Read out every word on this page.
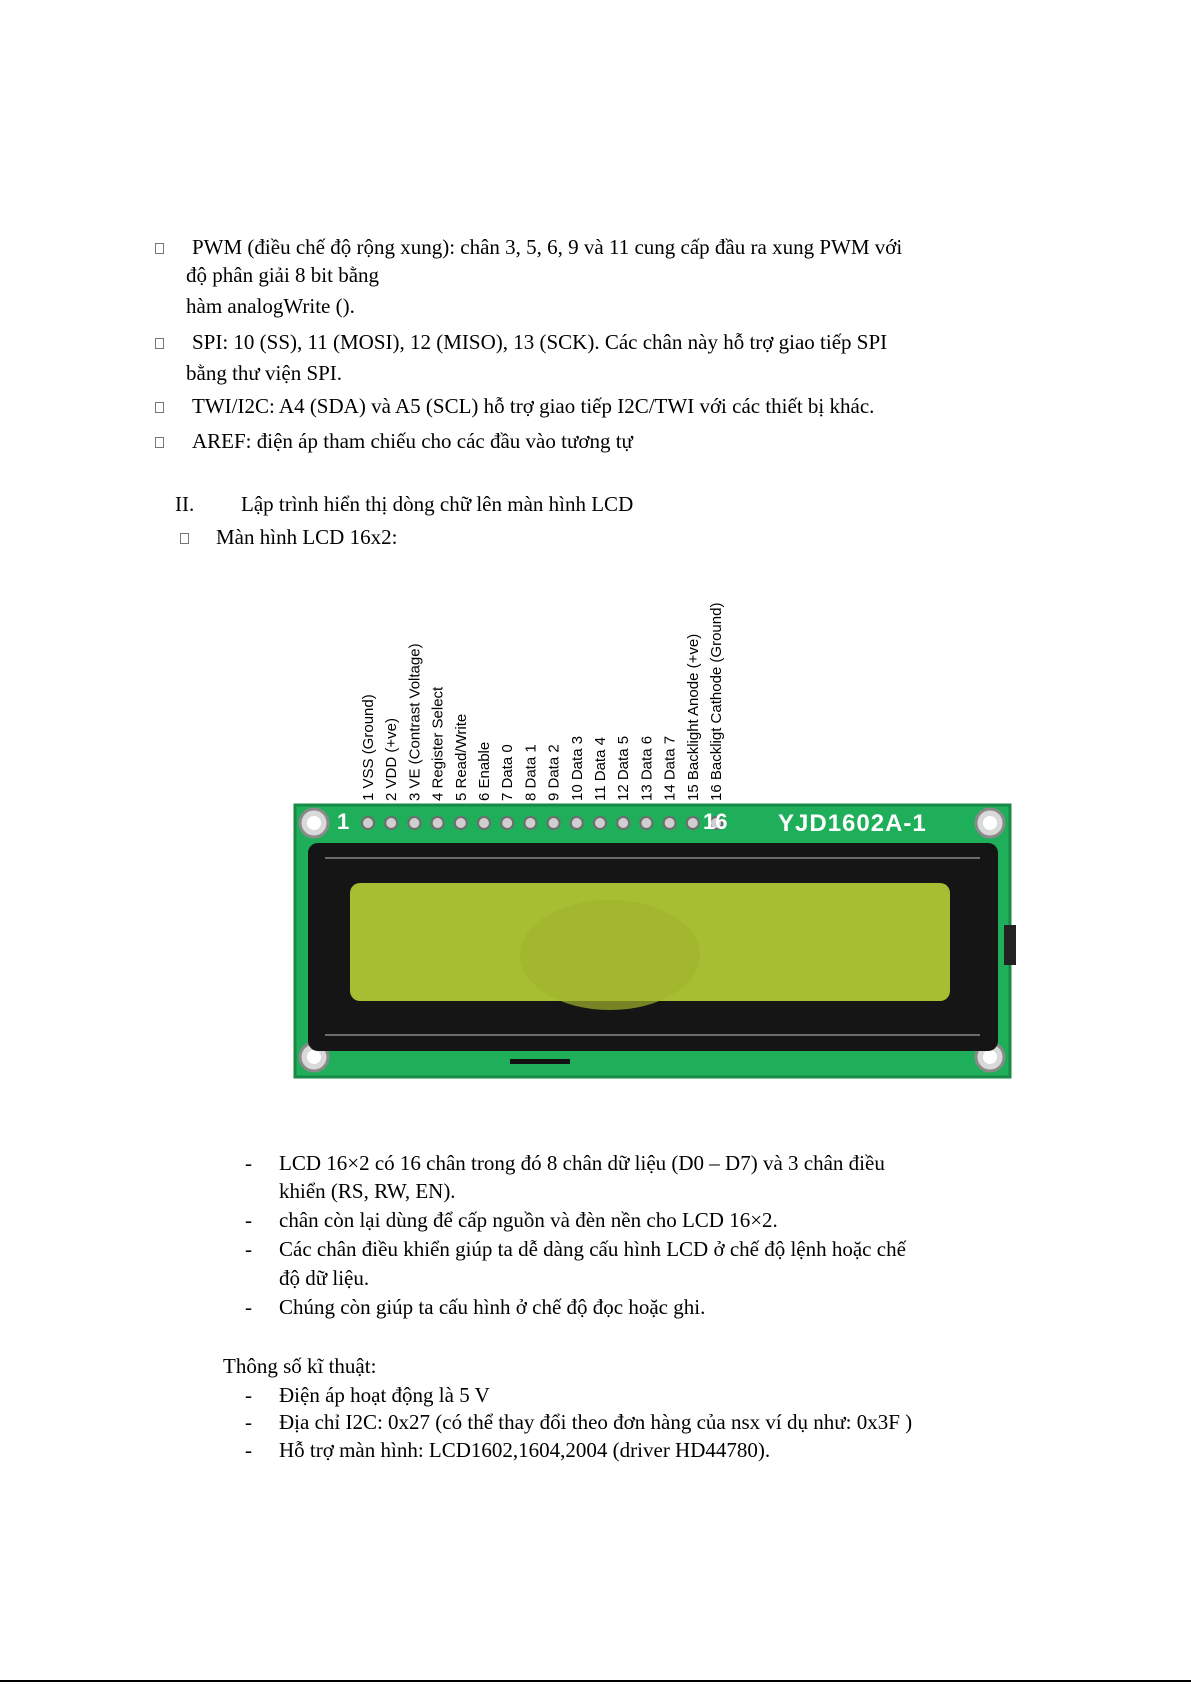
PWM (điều chế độ rộng xung): chân 3, 5, 6, 9 và 11 cung cấp đầu ra xung PWM với
độ phân giải 8 bit bằng
hàm analogWrite ().
SPI: 10 (SS), 11 (MOSI), 12 (MISO), 13 (SCK). Các chân này hỗ trợ giao tiếp SPI
bằng thư viện SPI.
TWI/I2C: A4 (SDA) và A5 (SCL) hỗ trợ giao tiếp I2C/TWI với các thiết bị khác.
AREF: điện áp tham chiếu cho các đầu vào tương tự
II. Lập trình hiển thị dòng chữ lên màn hình LCD
Màn hình LCD 16x2:
1 VSS (Ground) 2 VDD (+ve) 3 VE (Contrast Voltage) 4 Register Select 5 Read/Write 6 Enable 7 Data 0 8 Data 1 9 Data 2 10 Data 3 11 Data 4 12 Data 5 13 Data 6 14 Data 7 15 Backlight Anode (+ve) 16 Backligt Cathode (Ground)
1	16 YJD1602A-1
- LCD 16×2 có 16 chân trong đó 8 chân dữ liệu (D0 – D7) và 3 chân điều
khiển (RS, RW, EN).
- chân còn lại dùng để cấp nguồn và đèn nền cho LCD 16×2.
- Các chân điều khiển giúp ta dễ dàng cấu hình LCD ở chế độ lệnh hoặc chế
độ dữ liệu.
- Chúng còn giúp ta cấu hình ở chế độ đọc hoặc ghi.
Thông số kĩ thuật:
- Điện áp hoạt động là 5 V
- Địa chỉ I2C: 0x27 (có thể thay đổi theo đơn hàng của nsx ví dụ như: 0x3F )
- Hỗ trợ màn hình: LCD1602,1604,2004 (driver HD44780).
